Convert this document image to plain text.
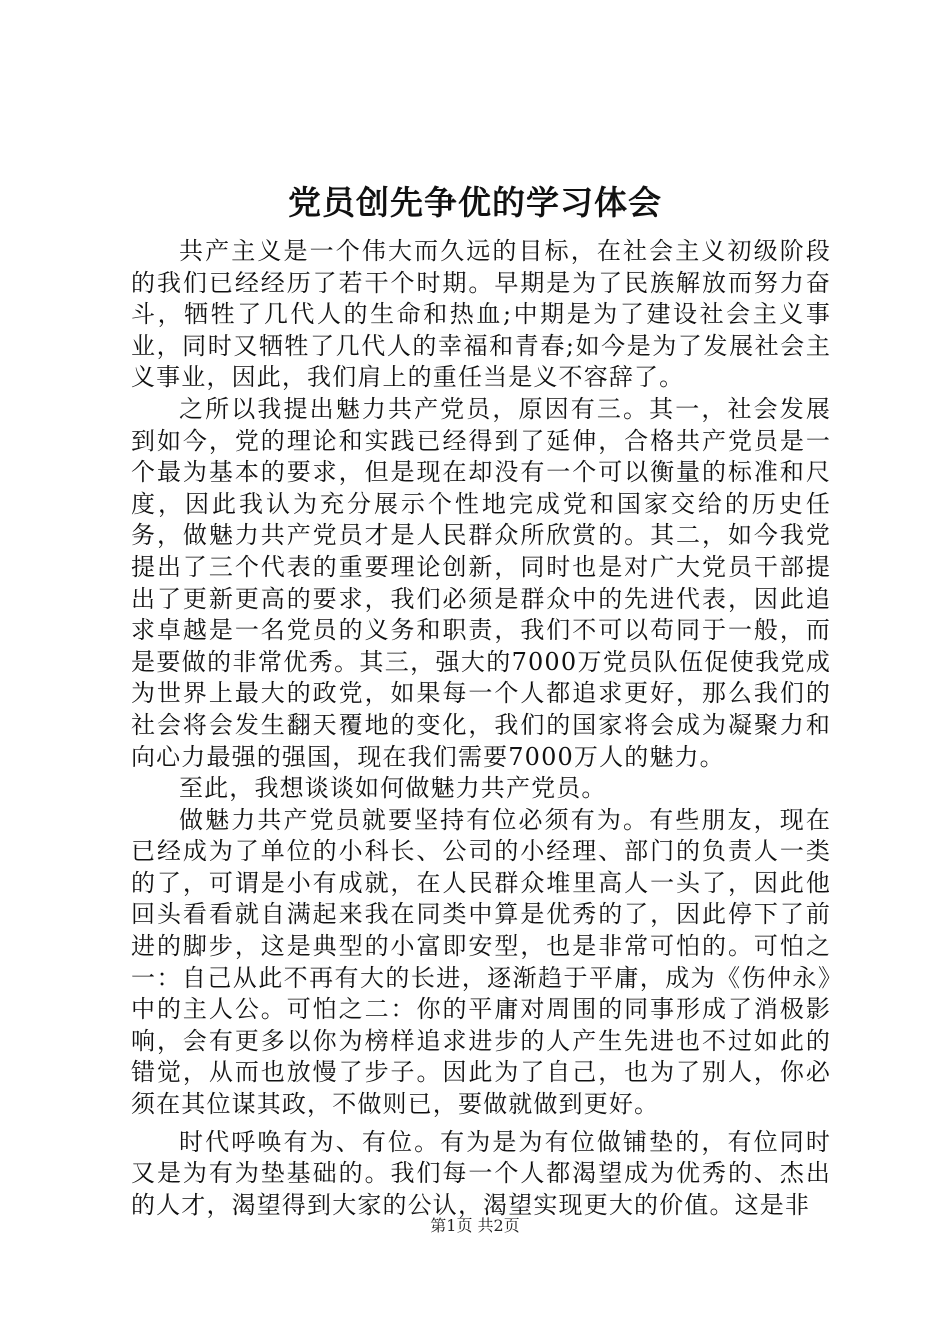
党员创先争优的学习体会

共产主义是一个伟大而久远的目标，在社会主义初级阶段的我们已经经历了若干个时期。早期是为了民族解放而努力奋斗，牺牲了几代人的生命和热血;中期是为了建设社会主义事业，同时又牺牲了几代人的幸福和青春;如今是为了发展社会主义事业，因此，我们肩上的重任当是义不容辞了。

之所以我提出魅力共产党员，原因有三。其一，社会发展到如今，党的理论和实践已经得到了延伸，合格共产党员是一个最为基本的要求，但是现在却没有一个可以衡量的标准和尺度，因此我认为充分展示个性地完成党和国家交给的历史任务，做魅力共产党员才是人民群众所欣赏的。其二，如今我党提出了三个代表的重要理论创新，同时也是对广大党员干部提出了更新更高的要求，我们必须是群众中的先进代表，因此追求卓越是一名党员的义务和职责，我们不可以苟同于一般，而是要做的非常优秀。其三，强大的7000万党员队伍促使我党成为世界上最大的政党，如果每一个人都追求更好，那么我们的社会将会发生翻天覆地的变化，我们的国家将会成为凝聚力和向心力最强的强国，现在我们需要7000万人的魅力。

至此，我想谈谈如何做魅力共产党员。

做魅力共产党员就要坚持有位必须有为。有些朋友，现在已经成为了单位的小科长、公司的小经理、部门的负责人一类的了，可谓是小有成就，在人民群众堆里高人一头了，因此他回头看看就自满起来我在同类中算是优秀的了，因此停下了前进的脚步，这是典型的小富即安型，也是非常可怕的。可怕之一：自己从此不再有大的长进，逐渐趋于平庸，成为《伤仲永》中的主人公。可怕之二：你的平庸对周围的同事形成了消极影响，会有更多以你为榜样追求进步的人产生先进也不过如此的错觉，从而也放慢了步子。因此为了自己，也为了别人，你必须在其位谋其政，不做则已，要做就做到更好。

时代呼唤有为、有位。有为是为有位做铺垫的，有位同时又是为有为垫基础的。我们每一个人都渴望成为优秀的、杰出的人才，渴望得到大家的公认，渴望实现更大的价值。这是非

第1页 共2页
